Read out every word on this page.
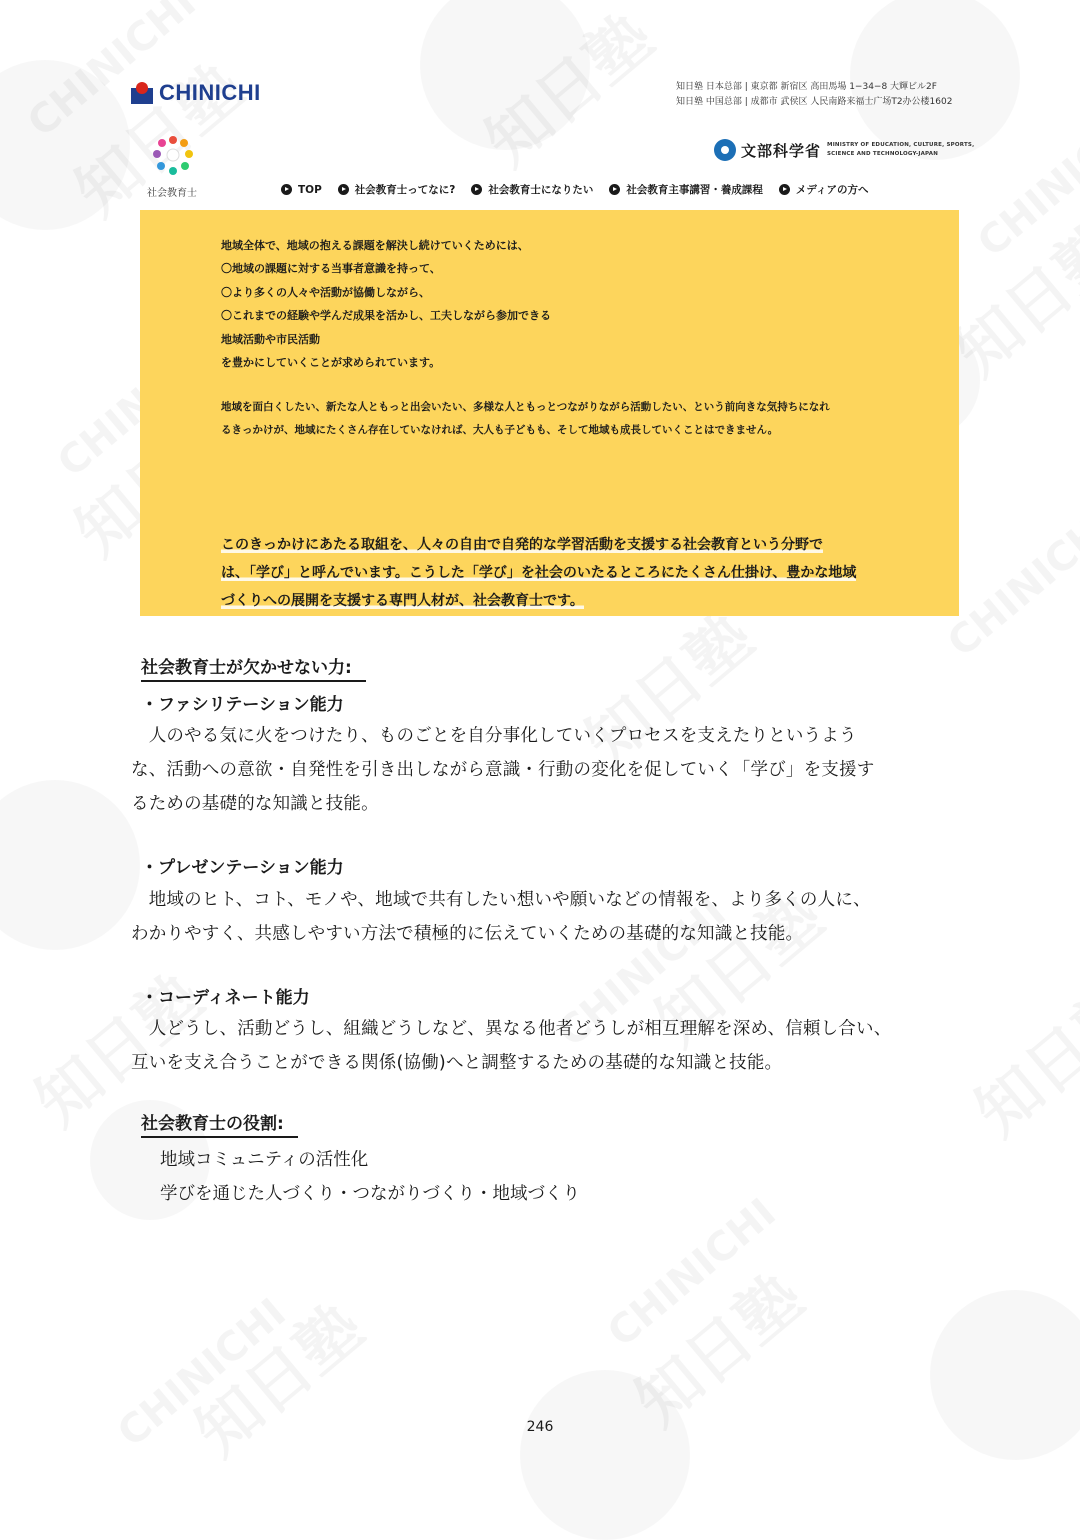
CHINICHI	知日塾 日本总部 | 東京都 新宿区 高田馬場 1−34−8 大輝ビル2F
知日塾 中国总部 | 成都市 武侯区 人民南路来福士广场T2办公楼1602
社会教育士
文部科学省 MINISTRY OF EDUCATION, CULTURE, SPORTS,
SCIENCE AND TECHNOLOGY-JAPAN
TOP	社会教育士ってなに?	社会教育士になりたい	社会教育主事講習・養成課程	メディアの方へ
地域全体で、地域の抱える課題を解決し続けていくためには、
〇地域の課題に対する当事者意識を持って、
〇より多くの人々や活動が協働しながら、
〇これまでの経験や学んだ成果を活かし、工夫しながら参加できる
地域活動や市民活動
を豊かにしていくことが求められています。
地域を面白くしたい、新たな人ともっと出会いたい、多様な人ともっとつながりながら活動したい、という前向きな気持ちになれ
るきっかけが、地域にたくさん存在していなければ、大人も子どもも、そして地域も成長していくことはできません。
このきっかけにあたる取組を、人々の自由で自発的な学習活動を支援する社会教育という分野で
は、「学び」と呼んでいます。こうした「学び」を社会のいたるところにたくさん仕掛け、豊かな地域
づくりへの展開を支援する専門人材が、社会教育士です。
社会教育士が欠かせない力:
・ファシリテーション能力
　人のやる気に火をつけたり、ものごとを自分事化していくプロセスを支えたりというよう
な、活動への意欲・自発性を引き出しながら意識・行動の変化を促していく「学び」を支援す
るための基礎的な知識と技能。
・プレゼンテーション能力
　地域のヒト、コト、モノや、地域で共有したい想いや願いなどの情報を、より多くの人に、
わかりやすく、共感しやすい方法で積極的に伝えていくための基礎的な知識と技能。
・コーディネート能力
　人どうし、活動どうし、組織どうしなど、異なる他者どうしが相互理解を深め、信頼し合い、
互いを支え合うことができる関係(協働)へと調整するための基礎的な知識と技能。
社会教育士の役割:
地域コミュニティの活性化
学びを通じた人づくり・つながりづくり・地域づくり
246
